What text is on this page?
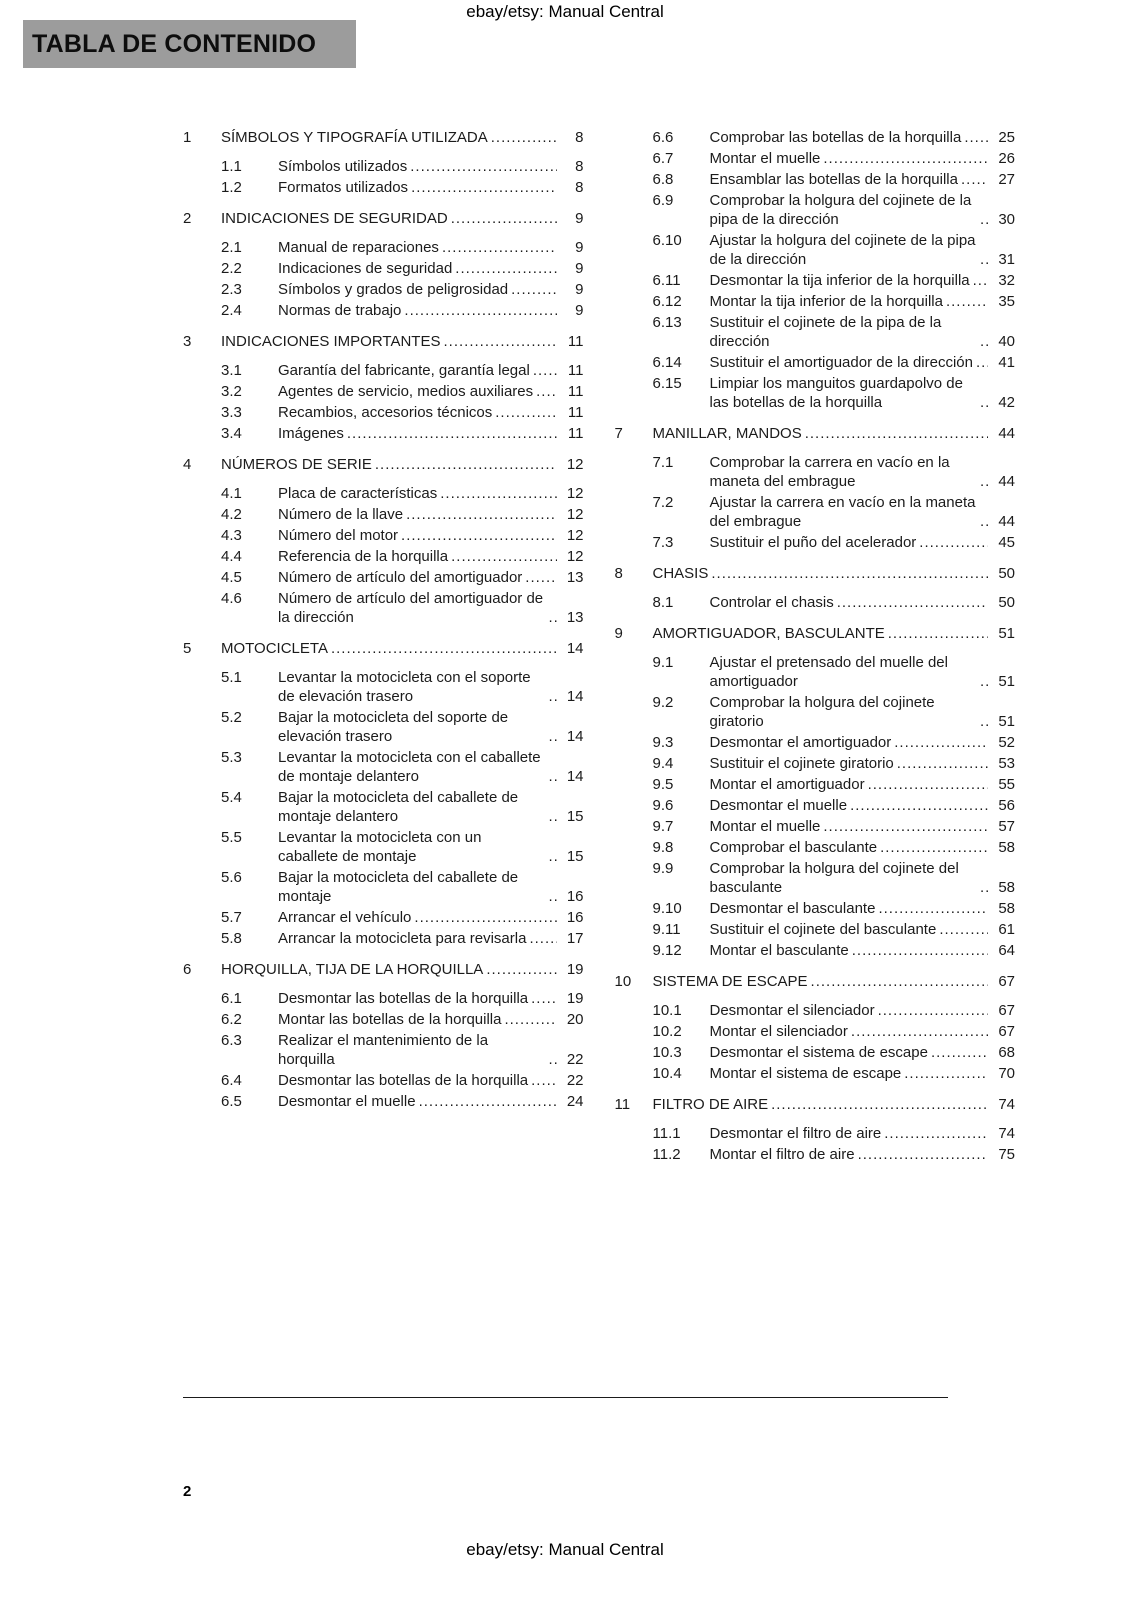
ebay/etsy: Manual Central
TABLA DE CONTENIDO
1	SÍMBOLOS Y TIPOGRAFÍA UTILIZADA .....	8
1.1	Símbolos utilizados .....	8
1.2	Formatos utilizados .....	8
2	INDICACIONES DE SEGURIDAD .....	9
2.1	Manual de reparaciones .....	9
2.2	Indicaciones de seguridad .....	9
2.3	Símbolos y grados de peligrosidad .....	9
2.4	Normas de trabajo .....	9
3	INDICACIONES IMPORTANTES .....	11
3.1	Garantía del fabricante, garantía legal .....	11
3.2	Agentes de servicio, medios auxiliares .....	11
3.3	Recambios, accesorios técnicos .....	11
3.4	Imágenes .....	11
4	NÚMEROS DE SERIE .....	12
4.1	Placa de características .....	12
4.2	Número de la llave .....	12
4.3	Número del motor .....	12
4.4	Referencia de la horquilla .....	12
4.5	Número de artículo del amortiguador .....	13
4.6	Número de artículo del amortiguador de la dirección .....	13
5	MOTOCICLETA .....	14
5.1	Levantar la motocicleta con el soporte de elevación trasero .....	14
5.2	Bajar la motocicleta del soporte de elevación trasero .....	14
5.3	Levantar la motocicleta con el caballete de montaje delantero .....	14
5.4	Bajar la motocicleta del caballete de montaje delantero .....	15
5.5	Levantar la motocicleta con un caballete de montaje .....	15
5.6	Bajar la motocicleta del caballete de montaje .....	16
5.7	Arrancar el vehículo .....	16
5.8	Arrancar la motocicleta para revisarla .....	17
6	HORQUILLA, TIJA DE LA HORQUILLA .....	19
6.1	Desmontar las botellas de la horquilla .....	19
6.2	Montar las botellas de la horquilla .....	20
6.3	Realizar el mantenimiento de la horquilla .....	22
6.4	Desmontar las botellas de la horquilla .....	22
6.5	Desmontar el muelle .....	24
6.6	Comprobar las botellas de la horquilla .....	25
6.7	Montar el muelle .....	26
6.8	Ensamblar las botellas de la horquilla .....	27
6.9	Comprobar la holgura del cojinete de la pipa de la dirección .....	30
6.10	Ajustar la holgura del cojinete de la pipa de la dirección .....	31
6.11	Desmontar la tija inferior de la horquilla .....	32
6.12	Montar la tija inferior de la horquilla .....	35
6.13	Sustituir el cojinete de la pipa de la dirección .....	40
6.14	Sustituir el amortiguador de la dirección .....	41
6.15	Limpiar los manguitos guardapolvo de las botellas de la horquilla .....	42
7	MANILLAR, MANDOS .....	44
7.1	Comprobar la carrera en vacío en la maneta del embrague .....	44
7.2	Ajustar la carrera en vacío en la maneta del embrague .....	44
7.3	Sustituir el puño del acelerador .....	45
8	CHASIS .....	50
8.1	Controlar el chasis .....	50
9	AMORTIGUADOR, BASCULANTE .....	51
9.1	Ajustar el pretensado del muelle del amortiguador .....	51
9.2	Comprobar la holgura del cojinete giratorio .....	51
9.3	Desmontar el amortiguador .....	52
9.4	Sustituir el cojinete giratorio .....	53
9.5	Montar el amortiguador .....	55
9.6	Desmontar el muelle .....	56
9.7	Montar el muelle .....	57
9.8	Comprobar el basculante .....	58
9.9	Comprobar la holgura del cojinete del basculante .....	58
9.10	Desmontar el basculante .....	58
9.11	Sustituir el cojinete del basculante .....	61
9.12	Montar el basculante .....	64
10	SISTEMA DE ESCAPE .....	67
10.1	Desmontar el silenciador .....	67
10.2	Montar el silenciador .....	67
10.3	Desmontar el sistema de escape .....	68
10.4	Montar el sistema de escape .....	70
11	FILTRO DE AIRE .....	74
11.1	Desmontar el filtro de aire .....	74
11.2	Montar el filtro de aire .....	75
2
ebay/etsy: Manual Central
